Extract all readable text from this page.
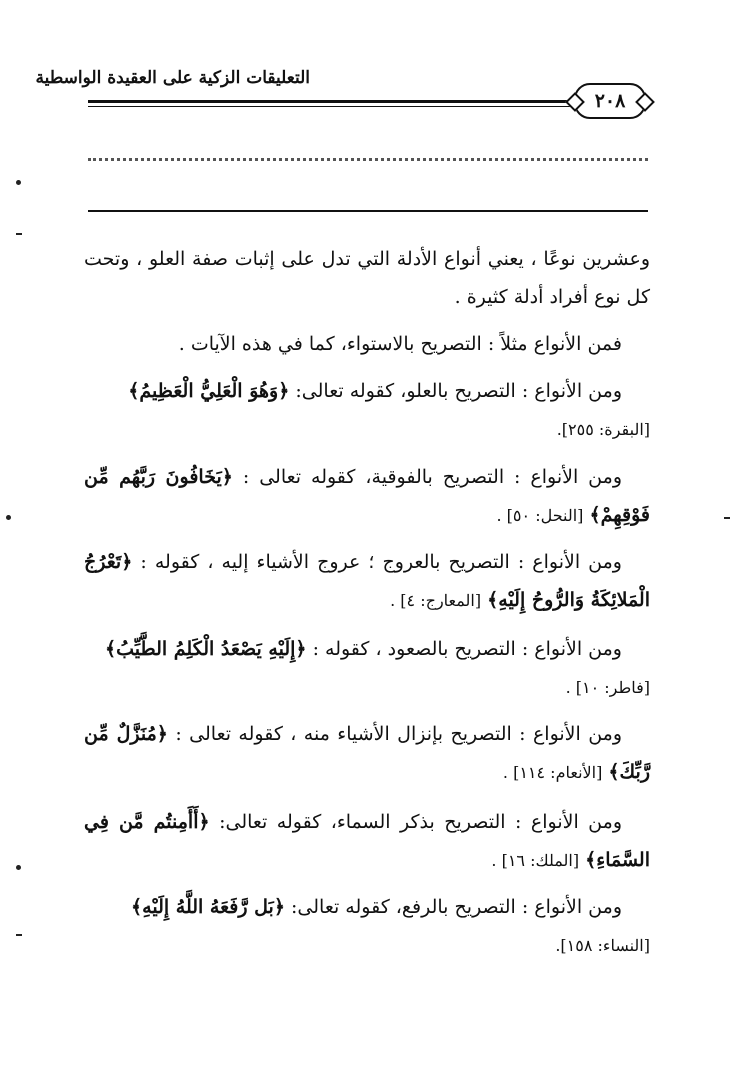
التعليقات الزكية على العقيدة الواسطية
٢٠٨

وعشرين نوعًا ، يعني أنواع الأدلة التي تدل على إثبات صفة العلو ، وتحت كل نوع أفراد أدلة كثيرة .

فمن الأنواع مثلاً : التصريح بالاستواء، كما في هذه الآيات .

ومن الأنواع : التصريح بالعلو، كقوله تعالى: ﴿وَهُوَ الْعَلِيُّ الْعَظِيمُ﴾
[البقرة: ٢٥٥].

ومن الأنواع : التصريح بالفوقية، كقوله تعالى : ﴿يَخَافُونَ رَبَّهُم مِّن فَوْقِهِمْ﴾ [النحل: ٥٠] .

ومن الأنواع : التصريح بالعروج ؛ عروج الأشياء إليه ، كقوله : ﴿تَعْرُجُ الْمَلائِكَةُ وَالرُّوحُ إِلَيْهِ﴾ [المعارج: ٤] .

ومن الأنواع : التصريح بالصعود ، كقوله : ﴿إِلَيْهِ يَصْعَدُ الْكَلِمُ الطَّيِّبُ﴾
[فاطر: ١٠] .

ومن الأنواع : التصريح بإنزال الأشياء منه ، كقوله تعالى : ﴿مُنَزَّلٌ مِّن رَّبِّكَ﴾ [الأنعام: ١١٤] .

ومن الأنواع : التصريح بذكر السماء، كقوله تعالى: ﴿أَأَمِنتُم مَّن فِي السَّمَاءِ﴾ [الملك: ١٦] .

ومن الأنواع : التصريح بالرفع، كقوله تعالى: ﴿بَل رَّفَعَهُ اللَّهُ إِلَيْهِ﴾
[النساء: ١٥٨].
